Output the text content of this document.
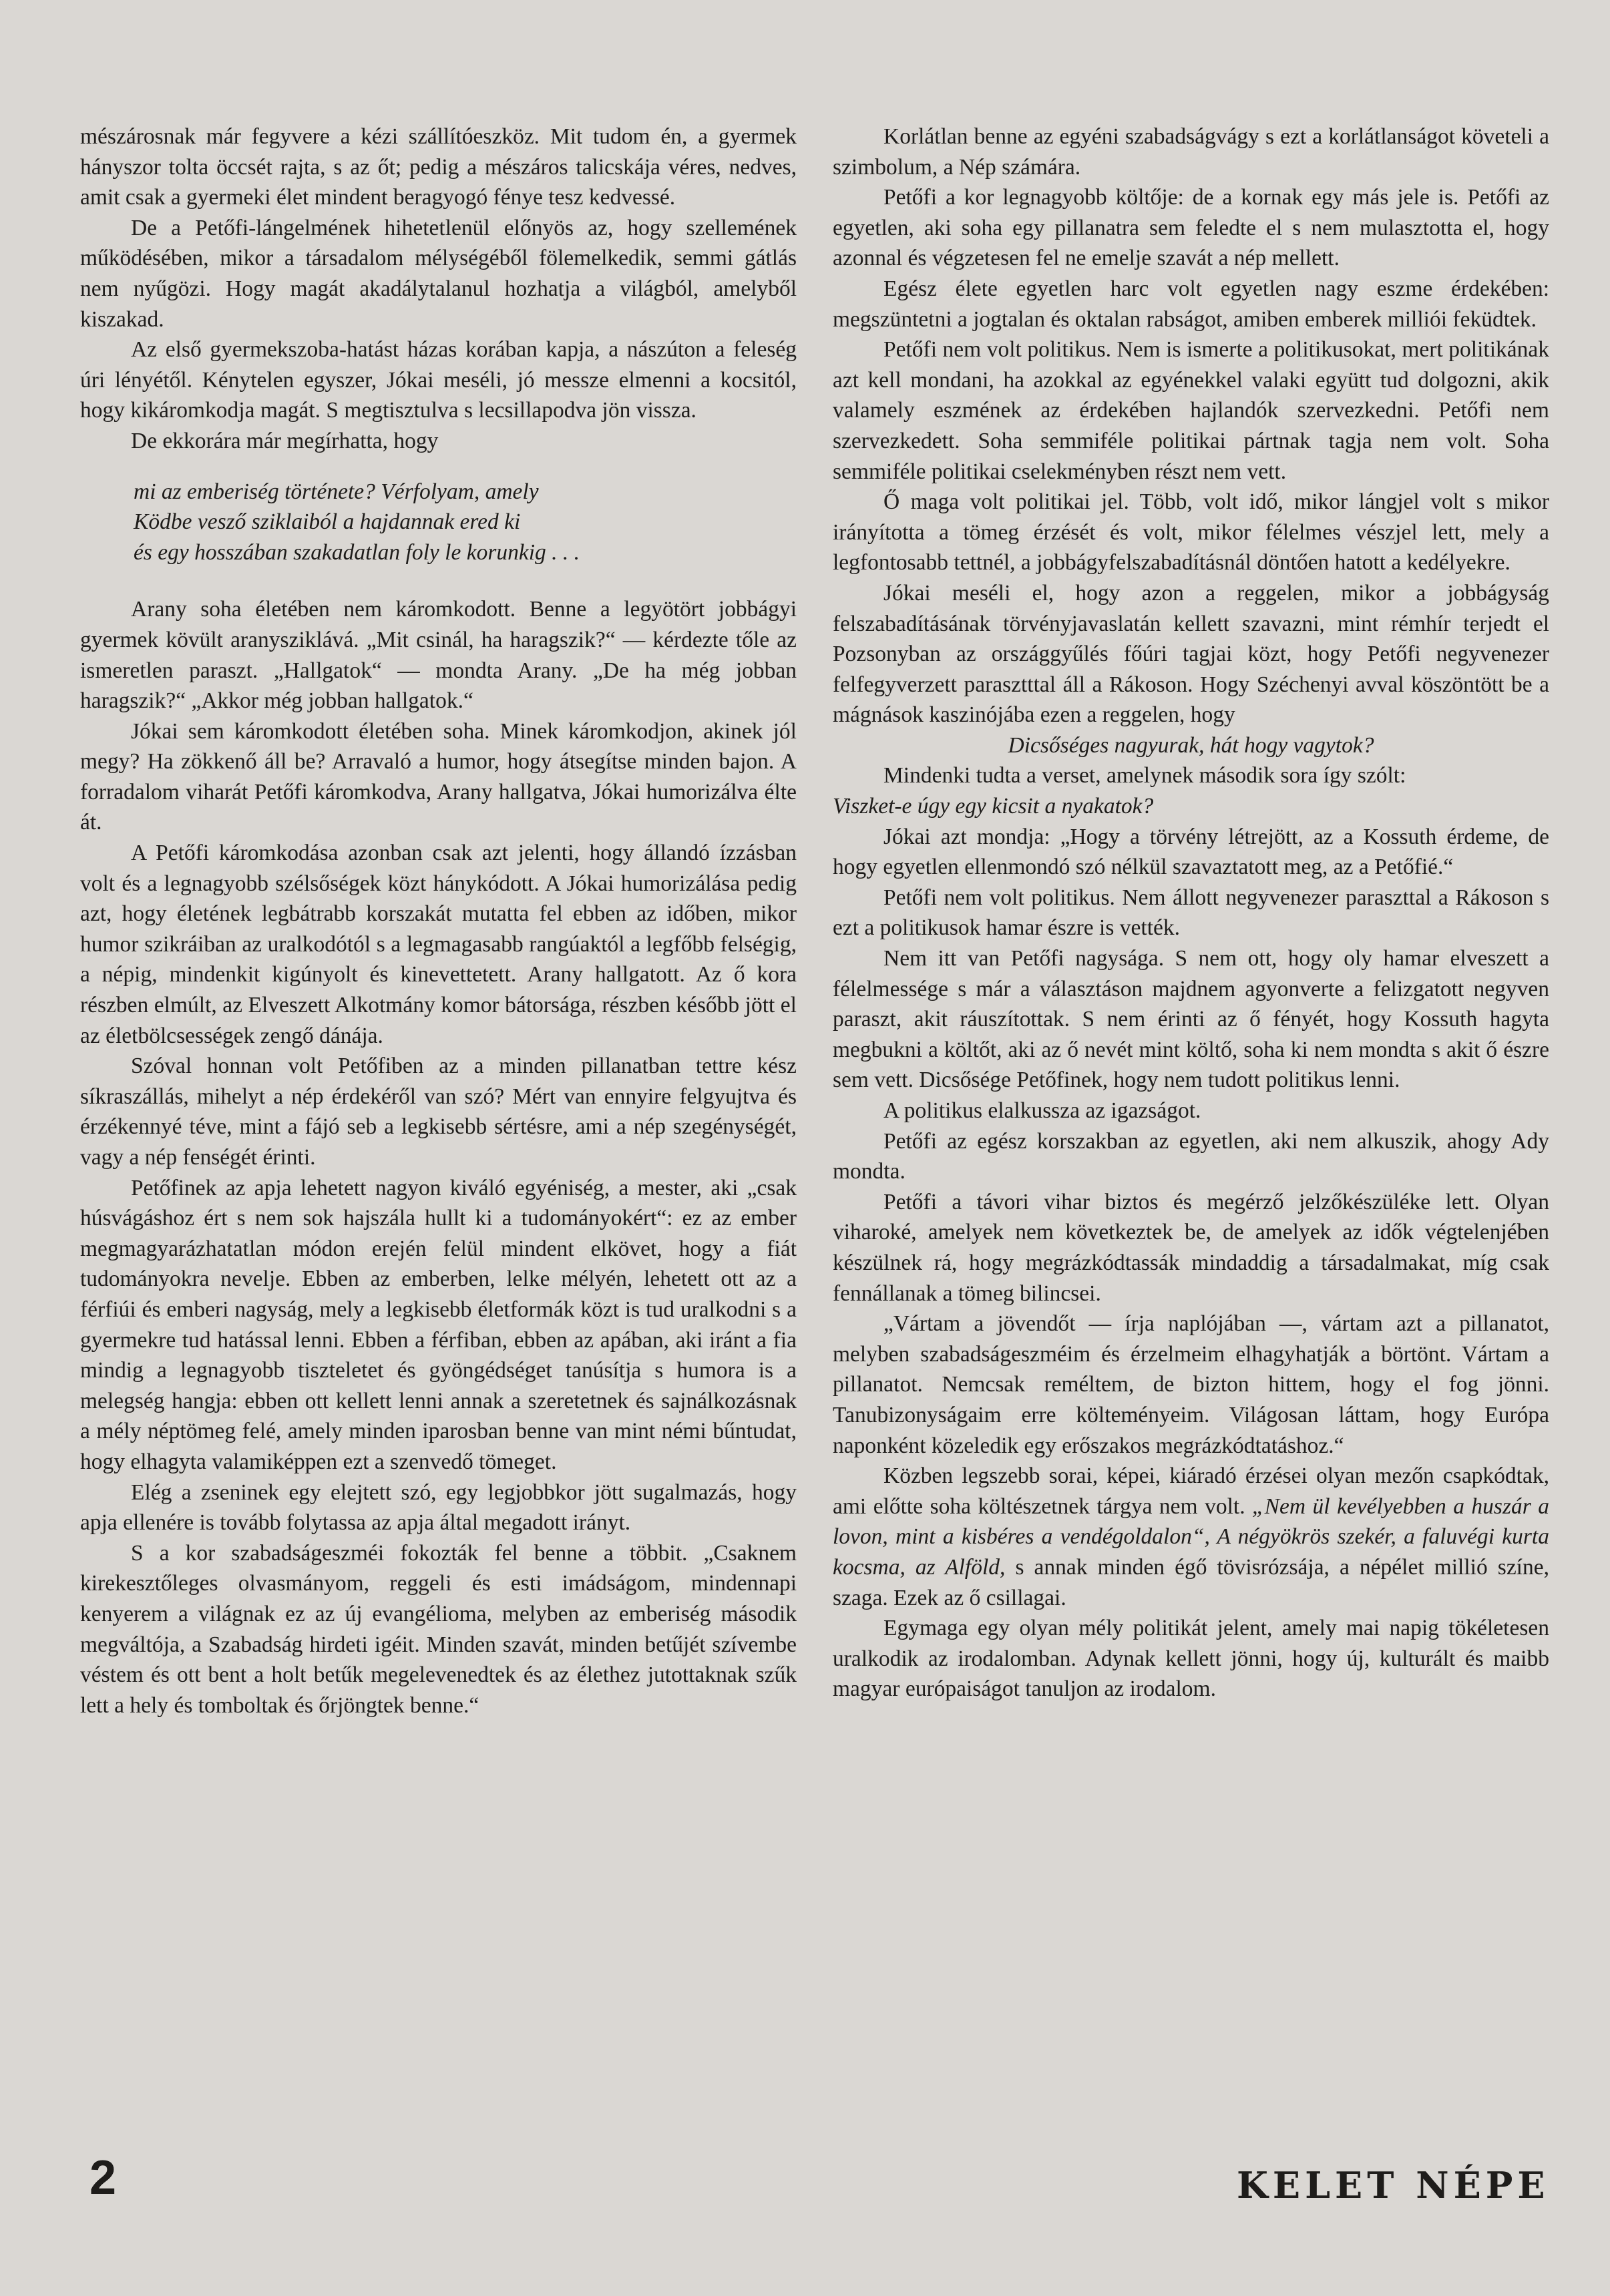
mészárosnak már fegyvere a kézi szállítóeszköz. Mit tudom én, a gyermek hányszor tolta öccsét rajta, s az őt; pedig a mészáros talicskája véres, nedves, amit csak a gyermeki élet mindent beragyogó fénye tesz kedvessé.

De a Petőfi-lángelmének hihetetlenül előnyös az, hogy szellemének működésében, mikor a társadalom mélységéből fölemelkedik, semmi gátlás nem nyűgözi. Hogy magát akadálytalanul hozhatja a világból, amelyből kiszakad.

Az első gyermekszoba-hatást házas korában kapja, a nászúton a feleség úri lényétől. Kénytelen egyszer, Jókai meséli, jó messze elmenni a kocsitól, hogy kikáromkodja magát. S megtisztulva s lecsillapodva jön vissza.

De ekkorára már megírhatta, hogy

mi az emberiség története? Vérfolyam, amely
Ködbe vesző sziklaiból a hajdannak ered ki
és egy hosszában szakadatlan foly le korunkig . . .

Arany soha életében nem káromkodott. Benne a legyötört jobbágyi gyermek kövült aranysziklává. „Mit csinál, ha haragszik?“ — kérdezte tőle az ismeretlen paraszt. „Hallgatok“ — mondta Arany. „De ha még jobban haragszik?“ „Akkor még jobban hallgatok.“

Jókai sem káromkodott életében soha. Minek káromkodjon, akinek jól megy? Ha zökkenő áll be? Arravaló a humor, hogy átsegítse minden bajon. A forradalom viharát Petőfi káromkodva, Arany hallgatva, Jókai humorizálva élte át.

A Petőfi káromkodása azonban csak azt jelenti, hogy állandó ízzásban volt és a legnagyobb szélsőségek közt hánykódott. A Jókai humorizálása pedig azt, hogy életének legbátrabb korszakát mutatta fel ebben az időben, mikor humor szikráiban az uralkodótól s a legmagasabb rangúaktól a legfőbb felségig, a népig, mindenkit kigúnyolt és kinevettetett. Arany hallgatott. Az ő kora részben elmúlt, az Elveszett Alkotmány komor bátorsága, részben később jött el az életbölcsességek zengő dánája.

Szóval honnan volt Petőfiben az a minden pillanatban tettre kész síkraszállás, mihelyt a nép érdekéről van szó? Mért van ennyire felgyujtva és érzékennyé téve, mint a fájó seb a legkisebb sértésre, ami a nép szegénységét, vagy a nép fenségét érinti.

Petőfinek az apja lehetett nagyon kiváló egyéniség, a mester, aki „csak húsvágáshoz ért s nem sok hajszála hullt ki a tudományokért“: ez az ember megmagyarázhatatlan módon erején felül mindent elkövet, hogy a fiát tudományokra nevelje. Ebben az emberben, lelke mélyén, lehetett ott az a férfiúi és emberi nagyság, mely a legkisebb életformák közt is tud uralkodni s a gyermekre tud hatással lenni. Ebben a férfiban, ebben az apában, aki iránt a fia mindig a legnagyobb tiszteletet és gyöngédséget tanúsítja s humora is a melegség hangja: ebben ott kellett lenni annak a szeretetnek és sajnálkozásnak a mély néptömeg felé, amely minden iparosban benne van mint némi bűntudat, hogy elhagyta valamiképpen ezt a szenvedő tömeget.

Elég a zseninek egy elejtett szó, egy legjobbkor jött sugalmazás, hogy apja ellenére is tovább folytassa az apja által megadott irányt.

S a kor szabadságeszméi fokozták fel benne a többit. „Csaknem kirekesztőleges olvasmányom, reggeli és esti imádságom, mindennapi kenyerem a világnak ez az új evangélioma, melyben az emberiség második megváltója, a Szabadság hirdeti igéit. Minden szavát, minden betűjét szívembe véstem és ott bent a holt betűk megelevenedtek és az élethez jutottaknak szűk lett a hely és tomboltak és őrjöngtek benne.“

Korlátlan benne az egyéni szabadságvágy s ezt a korlátlanságot követeli a szimbolum, a Nép számára.

Petőfi a kor legnagyobb költője: de a kornak egy más jele is. Petőfi az egyetlen, aki soha egy pillanatra sem feledte el s nem mulasztotta el, hogy azonnal és végzetesen fel ne emelje szavát a nép mellett.

Egész élete egyetlen harc volt egyetlen nagy eszme érdekében: megszüntetni a jogtalan és oktalan rabságot, amiben emberek milliói feküdtek.

Petőfi nem volt politikus. Nem is ismerte a politikusokat, mert politikának azt kell mondani, ha azokkal az egyénekkel valaki együtt tud dolgozni, akik valamely eszmének az érdekében hajlandók szervezkedni. Petőfi nem szervezkedett. Soha semmiféle politikai pártnak tagja nem volt. Soha semmiféle politikai cselekményben részt nem vett.

Ő maga volt politikai jel. Több, volt idő, mikor lángjel volt s mikor irányította a tömeg érzését és volt, mikor félelmes vészjel lett, mely a legfontosabb tettnél, a jobbágyfelszabadításnál döntően hatott a kedélyekre.

Jókai meséli el, hogy azon a reggelen, mikor a jobbágyság felszabadításának törvényjavaslatán kellett szavazni, mint rémhír terjedt el Pozsonyban az országgyűlés főúri tagjai közt, hogy Petőfi negyvenezer felfegyverzett parasztttal áll a Rákoson. Hogy Széchenyi avval köszöntött be a mágnások kaszinójába ezen a reggelen, hogy

Dicsőséges nagyurak, hát hogy vagytok?

Mindenki tudta a verset, amelynek második sora így szólt:

Viszket-e úgy egy kicsit a nyakatok?

Jókai azt mondja: „Hogy a törvény létrejött, az a Kossuth érdeme, de hogy egyetlen ellenmondó szó nélkül szavaztatott meg, az a Petőfié.“

Petőfi nem volt politikus. Nem állott negyvenezer paraszttal a Rákoson s ezt a politikusok hamar észre is vették.

Nem itt van Petőfi nagysága. S nem ott, hogy oly hamar elveszett a félelmessége s már a választáson majdnem agyonverte a felizgatott negyven paraszt, akit ráuszítottak. S nem érinti az ő fényét, hogy Kossuth hagyta megbukni a költőt, aki az ő nevét mint költő, soha ki nem mondta s akit ő észre sem vett. Dicsősége Petőfinek, hogy nem tudott politikus lenni.

A politikus elalkussza az igazságot.

Petőfi az egész korszakban az egyetlen, aki nem alkuszik, ahogy Ady mondta.

Petőfi a távori vihar biztos és megérző jelzőkészüléke lett. Olyan viharoké, amelyek nem következtek be, de amelyek az idők végtelenjében készülnek rá, hogy megrázkódtassák mindaddig a társadalmakat, míg csak fennállanak a tömeg bilincsei.

„Vártam a jövendőt — írja naplójában —, vártam azt a pillanatot, melyben szabadságeszméim és érzelmeim elhagyhatják a börtönt. Vártam a pillanatot. Nemcsak reméltem, de bizton hittem, hogy el fog jönni. Tanubizonyságaim erre költeményeim. Világosan láttam, hogy Európa naponként közeledik egy erőszakos megrázkódtatáshoz.“

Közben legszebb sorai, képei, kiáradó érzései olyan mezőn csapkódtak, ami előtte soha költészetnek tárgya nem volt. „Nem ül kevélyebben a huszár a lovon, mint a kisbéres a vendégoldalon“, A négyökrös szekér, a faluvégi kurta kocsma, az Alföld, s annak minden égő tövisrózsája, a népélet millió színe, szaga. Ezek az ő csillagai.

Egymaga egy olyan mély politikát jelent, amely mai napig tökéletesen uralkodik az irodalomban. Adynak kellett jönni, hogy új, kulturált és maibb magyar európaiságot tanuljon az irodalom.

2	KELET NÉPE
